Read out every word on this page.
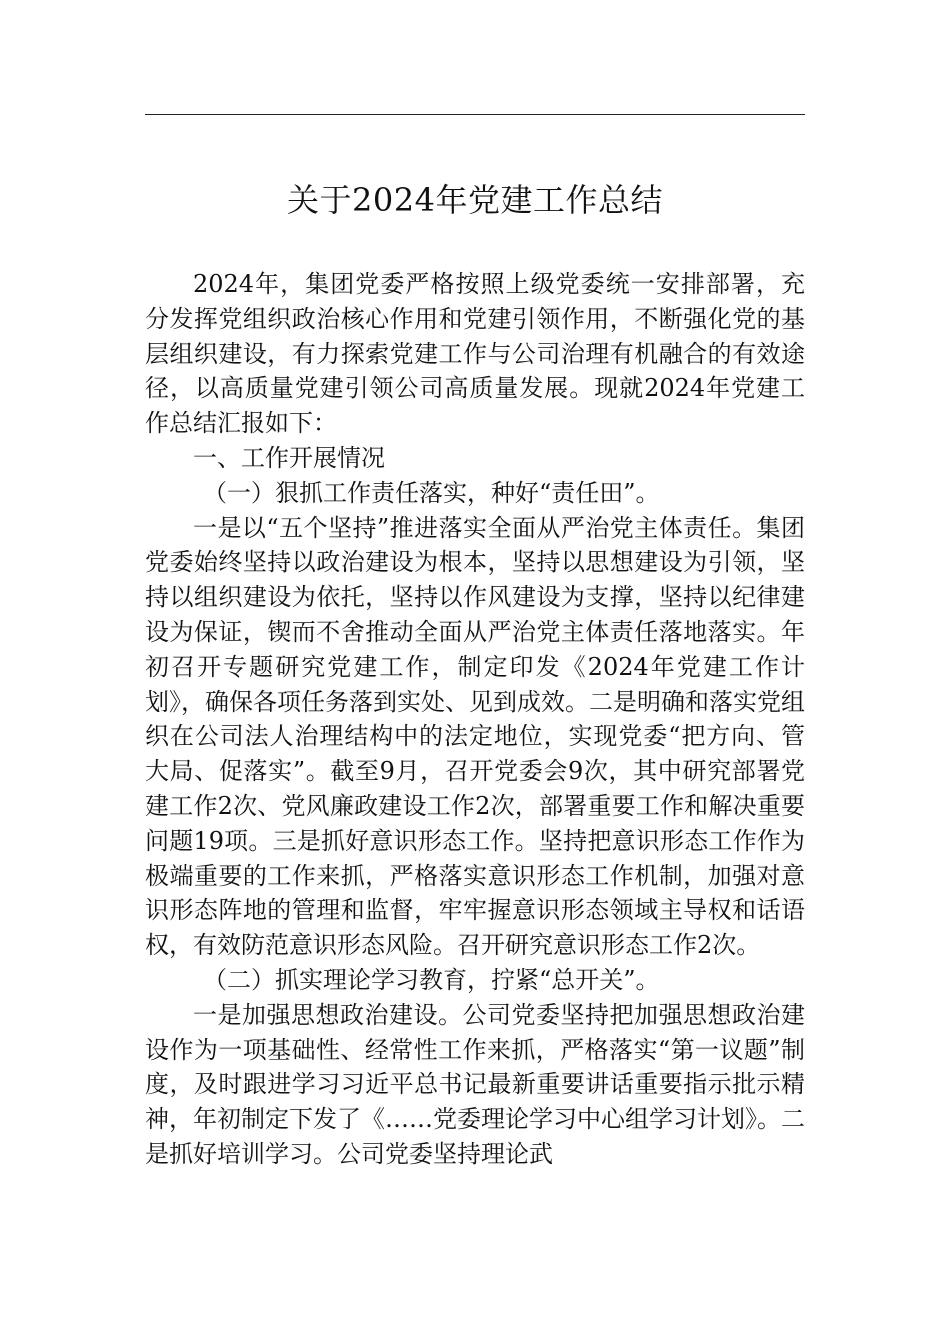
关于2024年党建工作总结

2024年，集团党委严格按照上级党委统一安排部署，充分发挥党组织政治核心作用和党建引领作用，不断强化党的基层组织建设，有力探索党建工作与公司治理有机融合的有效途径，以高质量党建引领公司高质量发展。现就2024年党建工作总结汇报如下：

一、工作开展情况

（一）狠抓工作责任落实，种好“责任田”。

一是以“五个坚持”推进落实全面从严治党主体责任。集团党委始终坚持以政治建设为根本，坚持以思想建设为引领，坚持以组织建设为依托，坚持以作风建设为支撑，坚持以纪律建设为保证，锲而不舍推动全面从严治党主体责任落地落实。年初召开专题研究党建工作，制定印发《2024年党建工作计划》，确保各项任务落到实处、见到成效。二是明确和落实党组织在公司法人治理结构中的法定地位，实现党委“把方向、管大局、促落实”。截至9月，召开党委会9次，其中研究部署党建工作2次、党风廉政建设工作2次，部署重要工作和解决重要问题19项。三是抓好意识形态工作。坚持把意识形态工作作为极端重要的工作来抓，严格落实意识形态工作机制，加强对意识形态阵地的管理和监督，牢牢握意识形态领域主导权和话语权，有效防范意识形态风险。召开研究意识形态工作2次。

（二）抓实理论学习教育，拧紧“总开关”。

一是加强思想政治建设。公司党委坚持把加强思想政治建设作为一项基础性、经常性工作来抓，严格落实“第一议题”制度，及时跟进学习习近平总书记最新重要讲话重要指示批示精神，年初制定下发了《……党委理论学习中心组学习计划》。二是抓好培训学习。公司党委坚持理论武
